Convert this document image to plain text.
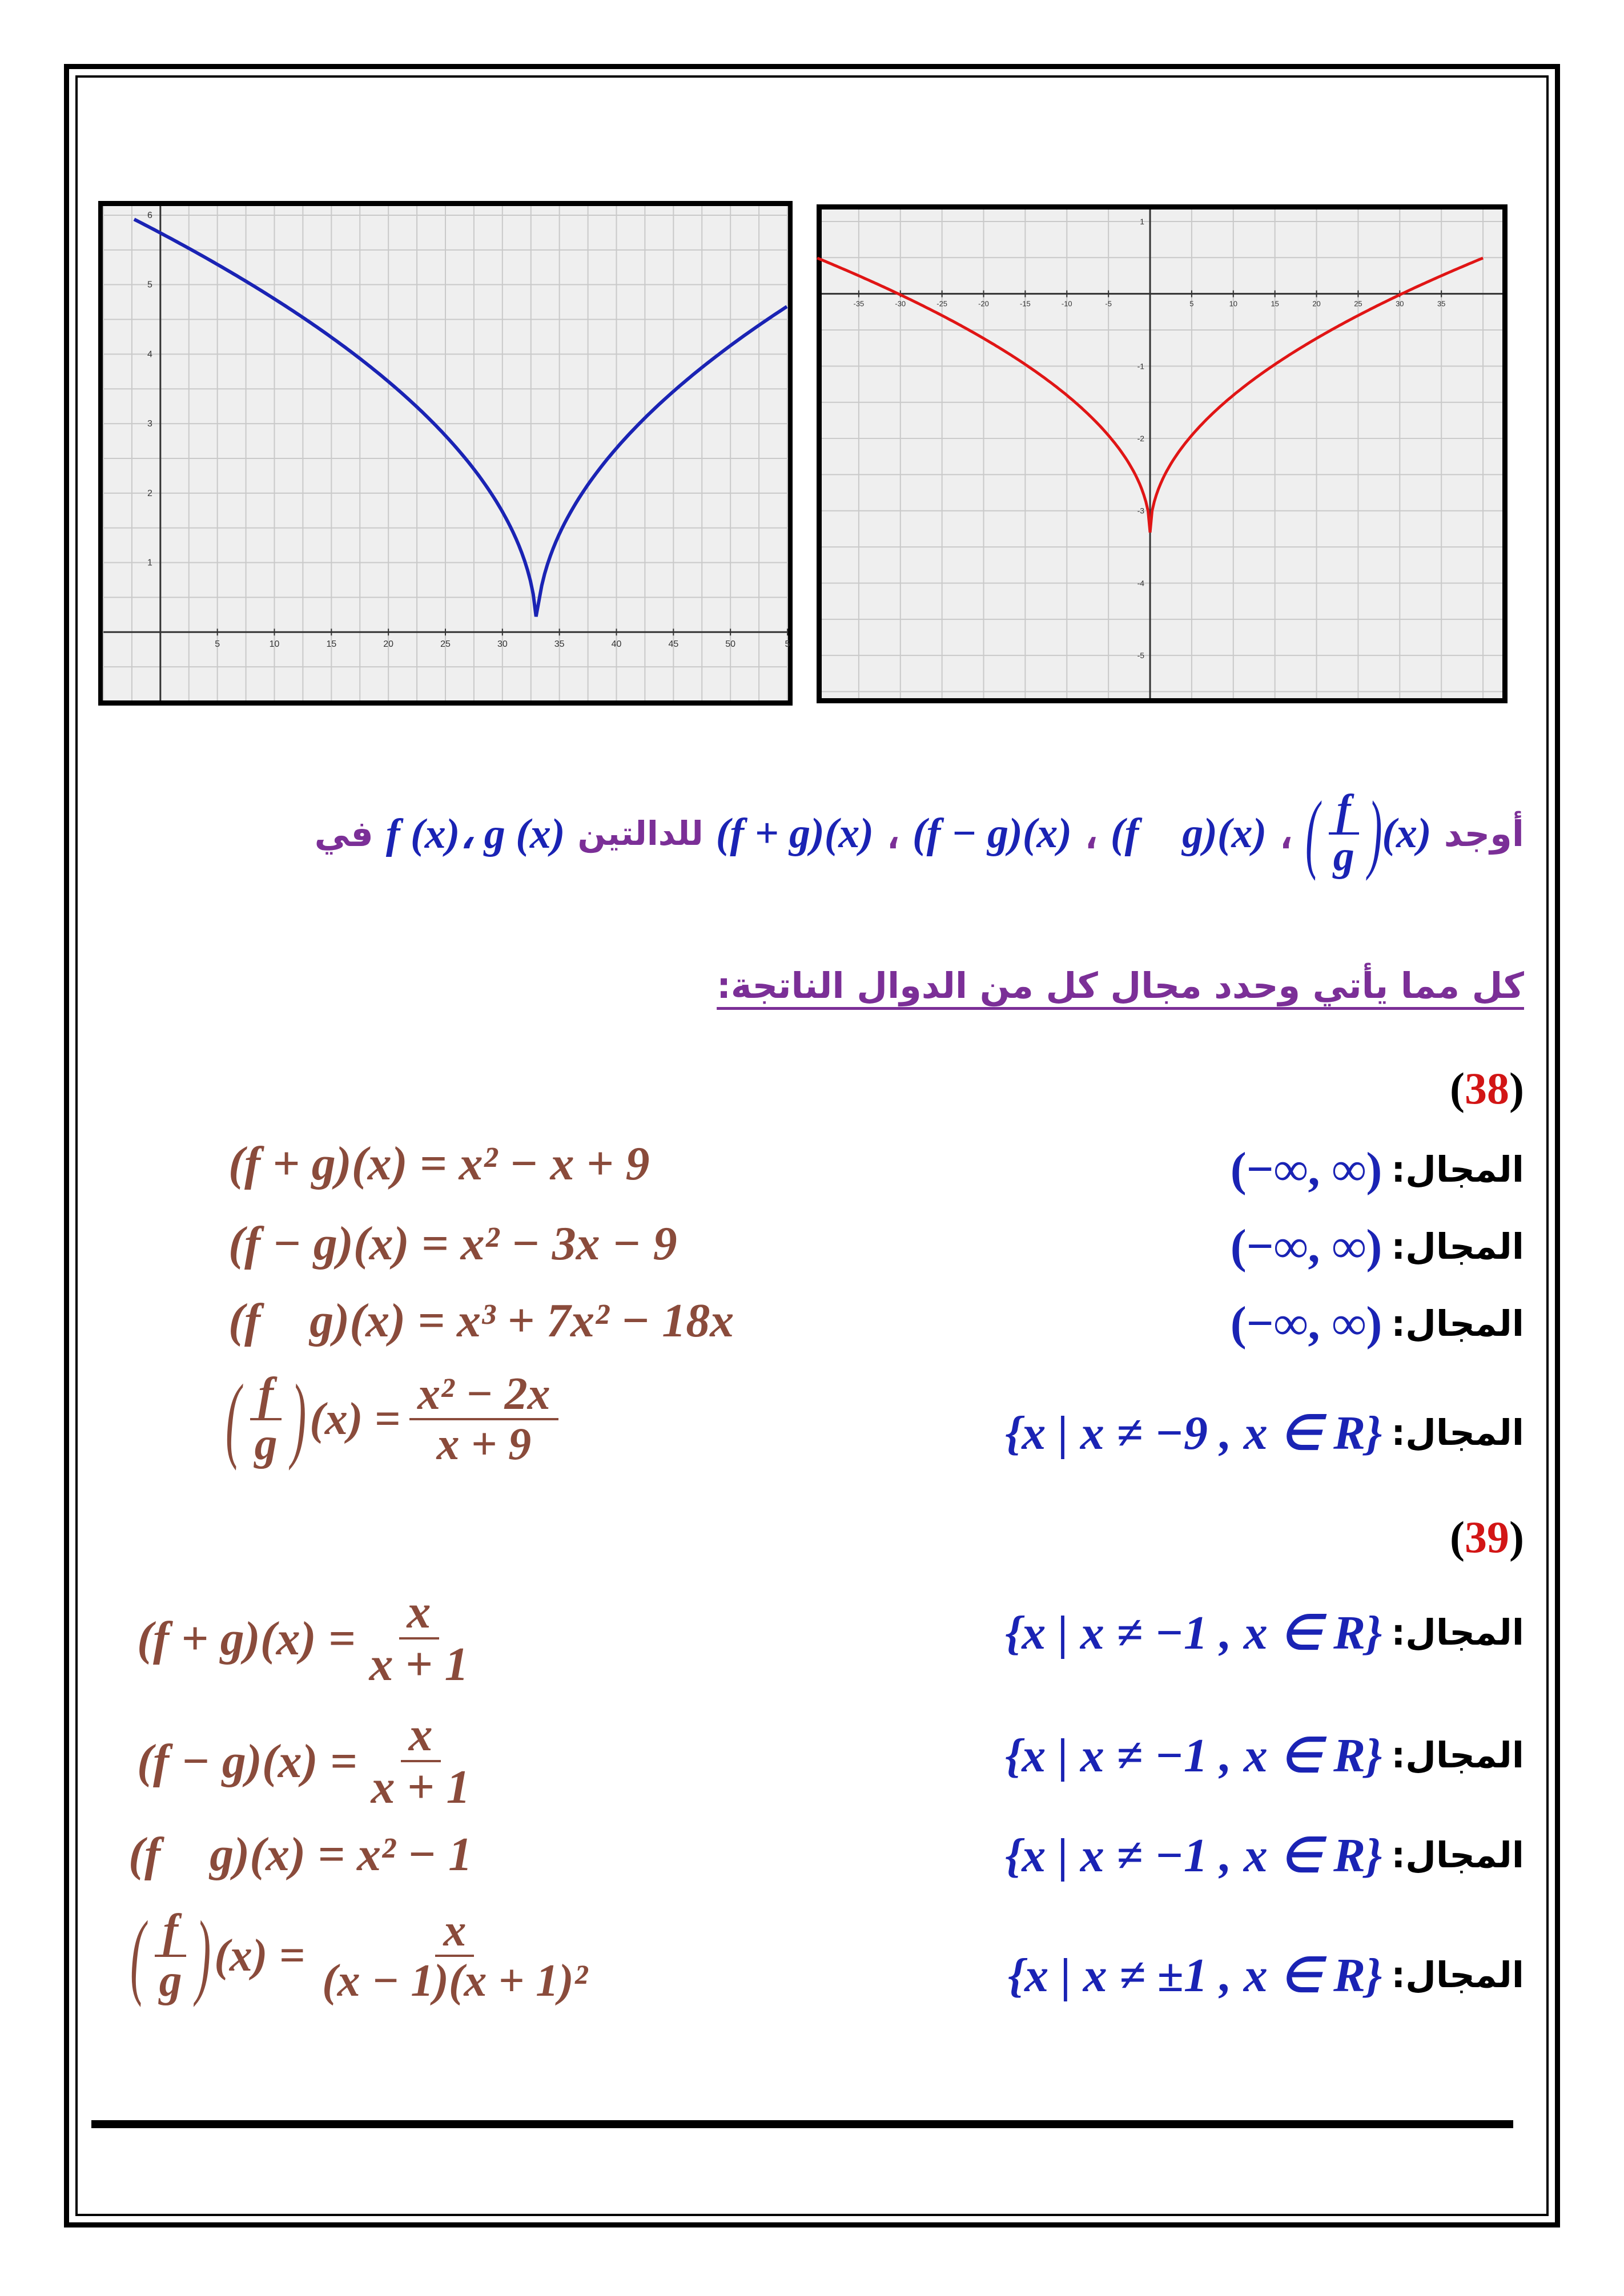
5	10	15	20	25	30	35	40	45	50	5
6
5
4
3
2
1
-35	-30	-25	-20	-15	-10	-5	5	10	15	20	25	30	35
1
-1
-2
-3
-4
-5
أوجد
( $\frac{f}{g}$ ) (x)
،
(f ⃞g)(x)
،
(f − g)(x)
،
(f + g)(x)
للدالتين
f (x)، g (x)
في
كل مما يأتي وحدد مجال كل من الدوال الناتجة:
(38)
(f + g)(x) = x² − x + 9	المجال:
(−∞, ∞)
(f − g)(x) = x² − 3x − 9	المجال:
(−∞, ∞)
(f ⃞g)(x) = x³ + 7x² − 18x	المجال:
(−∞, ∞)
( $\frac{f}{g}$ ) $(x) = \frac{\text{x² − 2x}}{x + 9}$	المجال:
{x | x ≠ −9 , x ∈ R}
(39)
$(f + g)(x) = \frac{x}{x + 1}$	المجال:
{x | x ≠ −1 , x ∈ R}
$(f - g)(x) = \frac{x}{x + 1}$	المجال:
{x | x ≠ −1 , x ∈ R}
(f ⃞g)(x) = x² − 1	المجال:
{x | x ≠ −1 , x ∈ R}
( $\frac{f}{g}$ ) $(x) = \frac{x}{\text{(x − 1)(x + 1)²}}$	المجال:
{x | x ≠ ±1 , x ∈ R}
